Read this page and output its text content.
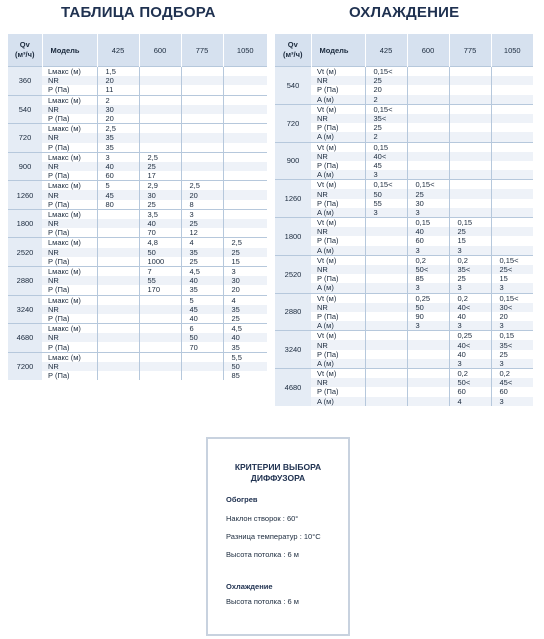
ТАБЛИЦА ПОДБОРА	ОХЛАЖДЕНИЕ
Qv
(м³/ч)	Модель	425	600	775	1050
360	Lмакс (м)	1,5			
	NR	20			
	P (Па)	11			
540	Lмакс (м)	2			
	NR	30			
	P (Па)	20			
720	Lмакс (м)	2,5			
	NR	35			
	P (Па)	35			
900	Lмакс (м)	3	2,5		
	NR	40	25		
	P (Па)	60	17		
1260	Lмакс (м)	5	2,9	2,5	
	NR	45	30	20	
	P (Па)	80	25	8	
1800	Lмакс (м)		3,5	3	
	NR		40	25	
	P (Па)		70	12	
2520	Lмакс (м)		4,8	4	2,5
	NR		50	35	25
	P (Па)		1000	25	15
2880	Lмакс (м)		7	4,5	3
	NR		55	40	30
	P (Па)		170	35	20
3240	Lмакс (м)			5	4
	NR			45	35
	P (Па)			40	25
4680	Lмакс (м)			6	4,5
	NR			50	40
	P (Па)			70	35
7200	Lмакс (м)				5,5
	NR				50
	P (Па)				85
Qv
(м³/ч)	Модель	425	600	775	1050
540	Vt (м)	0,15<			
	NR	25			
	P (Па)	20			
	A (м)	2			
720	Vt (м)	0,15<			
	NR	35<			
	P (Па)	25			
	A (м)	2			
900	Vt (м)	0,15			
	NR	40<			
	P (Па)	45			
	A (м)	3			
1260	Vt (м)	0,15<	0,15<		
	NR	50	25		
	P (Па)	55	30		
	A (м)	3	3		
1800	Vt (м)		0,15	0,15	
	NR		40	25	
	P (Па)		60	15	
	A (м)		3	3	
2520	Vt (м)		0,2	0,2	0,15<
	NR		50<	35<	25<
	P (Па)		85	25	15
	A (м)		3	3	3
2880	Vt (м)		0,25	0,2	0,15<
	NR		50	40<	30<
	P (Па)		90	40	20
	A (м)		3	3	3
3240	Vt (м)			0,25	0,15
	NR			40<	35<
	P (Па)			40	25
	A (м)			3	3
4680	Vt (м)			0,2	0,2
	NR			50<	45<
	P (Па)			60	60
	A (м)			4	3
КРИТЕРИИ ВЫБОРА
ДИФФУЗОРА
Обогрев
Наклон створок : 60°
Разница температур : 10°С
Высота потолка : 6 м
Охлаждение
Высота потолка : 6 м
